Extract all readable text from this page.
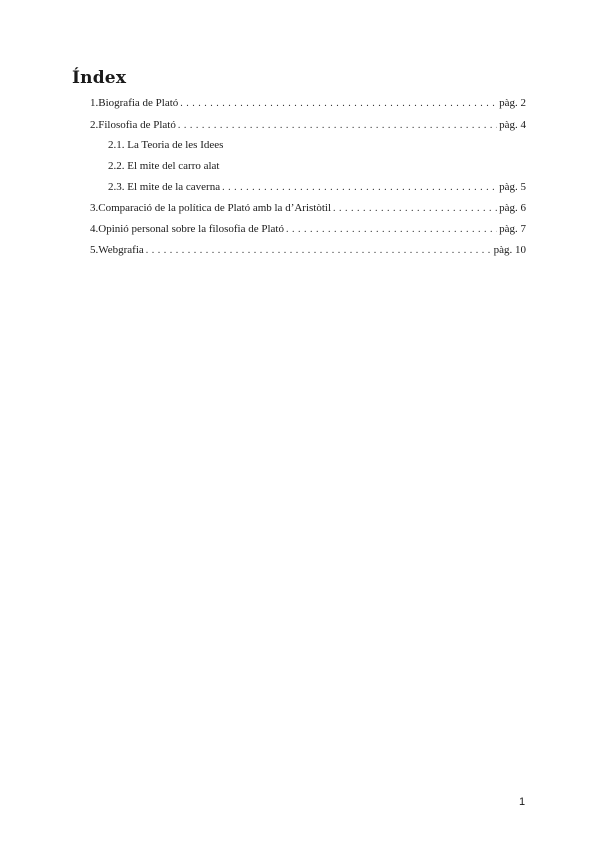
Índex
1. Biografia de Plató . . .	pàg. 2
2. Filosofia de Plató . . .	pàg. 4
2.1. La Teoria de les Idees
2.2. El mite del carro alat
2.3. El mite de la caverna . . .	pàg. 5
3. Comparació de la política de Plató amb la d’Aristòtil . . .	pàg. 6
4. Opinió personal sobre la filosofia de Plató . . .	pàg. 7
5. Webgrafia . . .	pàg. 10
1
